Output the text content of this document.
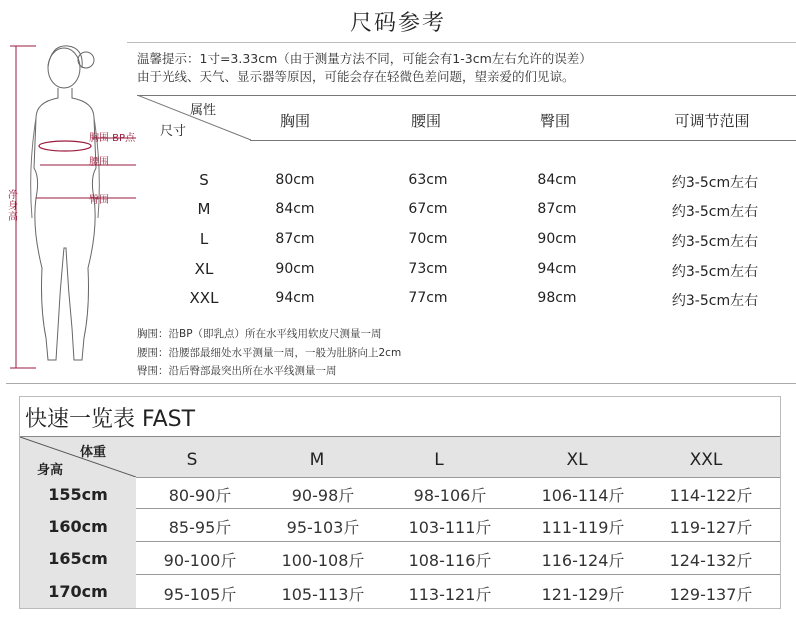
尺码参考
温馨提示：1寸=3.33cm（由于测量方法不同，可能会有1-3cm左右允许的误差）
由于光线、天气、显示器等原因，可能会存在轻微色差问题，望亲爱的们见谅。
胸围 BP点
腰围
臀围
净身高
属性
尺寸
胸围	腰围	臀围	可调节范围
S	80cm	63cm	84cm	约3-5cm左右
M	84cm	67cm	87cm	约3-5cm左右
L	87cm	70cm	90cm	约3-5cm左右
XL	90cm	73cm	94cm	约3-5cm左右
XXL	94cm	77cm	98cm	约3-5cm左右
胸围：沿BP（即乳点）所在水平线用软皮尺测量一周
腰围：沿腰部最细处水平测量一周，一般为肚脐向上2cm
臀围：沿后臀部最突出所在水平线测量一周
快速一览表 FAST
体重
身高
S	M	L	XL	XXL
155cm	80-90斤	90-98斤	98-106斤	106-114斤	114-122斤
160cm	85-95斤	95-103斤	103-111斤	111-119斤	119-127斤
165cm	90-100斤	100-108斤	108-116斤	116-124斤	124-132斤
170cm	95-105斤	105-113斤	113-121斤	121-129斤	129-137斤
